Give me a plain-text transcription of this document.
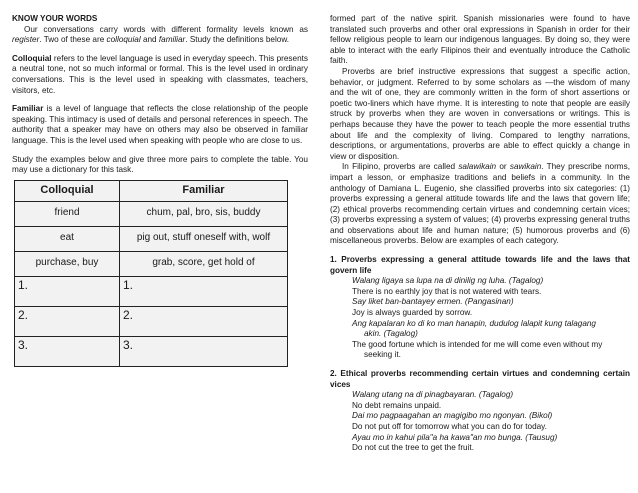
KNOW YOUR WORDS

Our conversations carry words with different formality levels known as register. Two of these are colloquial and familiar. Study the definitions below.

Colloquial refers to the level language is used in everyday speech. This presents a neutral tone, not so much informal or formal. This is the level used in ordinary conversations. This is the level used in speaking with classmates, teachers, visitors, etc.

Familiar is a level of language that reflects the close relationship of the people speaking. This intimacy is used of details and personal references in speech. The authority that a speaker may have on others may also be observed in familiar language. This is the level used when speaking with people who are close to us.

Study the examples below and give three more pairs to complete the table. You may use a dictionary for this task.

Colloquial	Familiar
friend	chum, pal, bro, sis, buddy
eat	pig out, stuff oneself with, wolf
purchase, buy	grab, score, get hold of
1.	1.
2.	2.
3.	3.

formed part of the native spirit. Spanish missionaries were found to have translated such proverbs and other oral expressions in Spanish in order for their fellow religious people to learn our indigenous languages. By doing so, they were able to interact with the early Filipinos their and eventually introduce the Catholic faith.

Proverbs are brief instructive expressions that suggest a specific action, behavior, or judgment. Referred to by some scholars as —the wisdom of many and the wit of one, they are commonly written in the form of short assertions or poetic two-liners which have rhyme. It is interesting to note that people are easily struck by proverbs when they are woven in conversations or writings. This is perhaps because they have the power to teach people the more essential truths about life and the complexity of living. Compared to lengthy narrations, descriptions, or argumentations, proverbs are able to effect quickly a change in view or disposition.

In Filipino, proverbs are called salawikain or sawikain. They prescribe norms, impart a lesson, or emphasize traditions and beliefs in a community. In the anthology of Damiana L. Eugenio, she classified proverbs into six categories: (1) proverbs expressing a general attitude towards life and the laws that govern life; (2) ethical proverbs recommending certain virtues and condemning certain vices; (3) proverbs expressing a system of values; (4) proverbs expressing general truths and observations about life and human nature; (5) humorous proverbs and (6) miscellaneous proverbs. Below are examples of each category.

1. Proverbs expressing a general attitude towards life and the laws that govern life

Walang ligaya sa lupa na di dinilig ng luha. (Tagalog)
There is no earthly joy that is not watered with tears.
Say liket ban-bantayey ermen. (Pangasinan)
Joy is always guarded by sorrow.
Ang kapalaran ko di ko man hanapin, dudulog lalapit kung talagang
akin. (Tagalog)
The good fortune which is intended for me will come even without my
seeking it.

2. Ethical proverbs recommending certain virtues and condemning certain vices

Walang utang na di pinagbayaran. (Tagalog)
No debt remains unpaid.
Dai mo pagpaagahan an magigibo mo ngonyan. (Bikol)
Do not put off for tomorrow what you can do for today.
Ayau mo in kahui pila"a ha kawa"an mo bunga. (Tausug)
Do not cut the tree to get the fruit.
